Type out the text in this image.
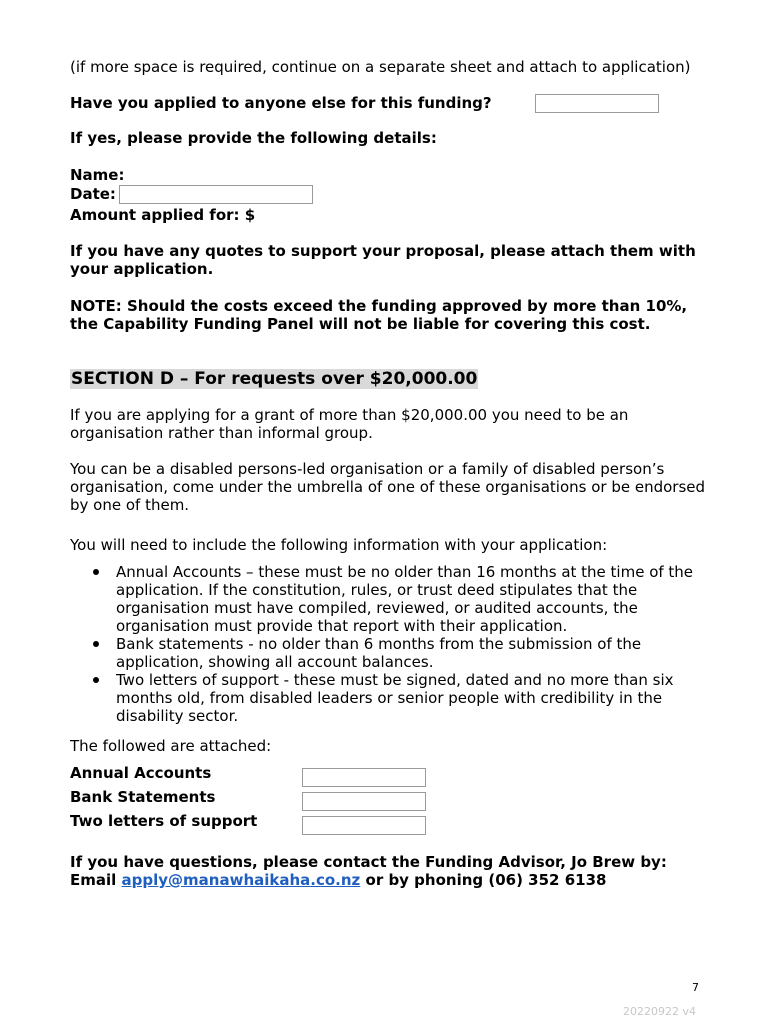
(if more space is required, continue on a separate sheet and attach to application)

Have you applied to anyone else for this funding?

If yes, please provide the following details:

Name:

Date:

Amount applied for: $

If you have any quotes to support your proposal, please attach them with your application.

NOTE: Should the costs exceed the funding approved by more than 10%, the Capability Funding Panel will not be liable for covering this cost.

SECTION D – For requests over $20,000.00

If you are applying for a grant of more than $20,000.00 you need to be an organisation rather than informal group.

You can be a disabled persons-led organisation or a family of disabled person’s organisation, come under the umbrella of one of these organisations or be endorsed by one of them.

You will need to include the following information with your application:

Annual Accounts – these must be no older than 16 months at the time of the application. If the constitution, rules, or trust deed stipulates that the organisation must have compiled, reviewed, or audited accounts, the organisation must provide that report with their application.
Bank statements - no older than 6 months from the submission of the application, showing all account balances.
Two letters of support - these must be signed, dated and no more than six months old, from disabled leaders or senior people with credibility in the disability sector.

The followed are attached:

Annual Accounts
Bank Statements
Two letters of support

If you have questions, please contact the Funding Advisor, Jo Brew by:

Email apply@manawhaikaha.co.nz or by phoning (06) 352 6138

7
20220922 v4
